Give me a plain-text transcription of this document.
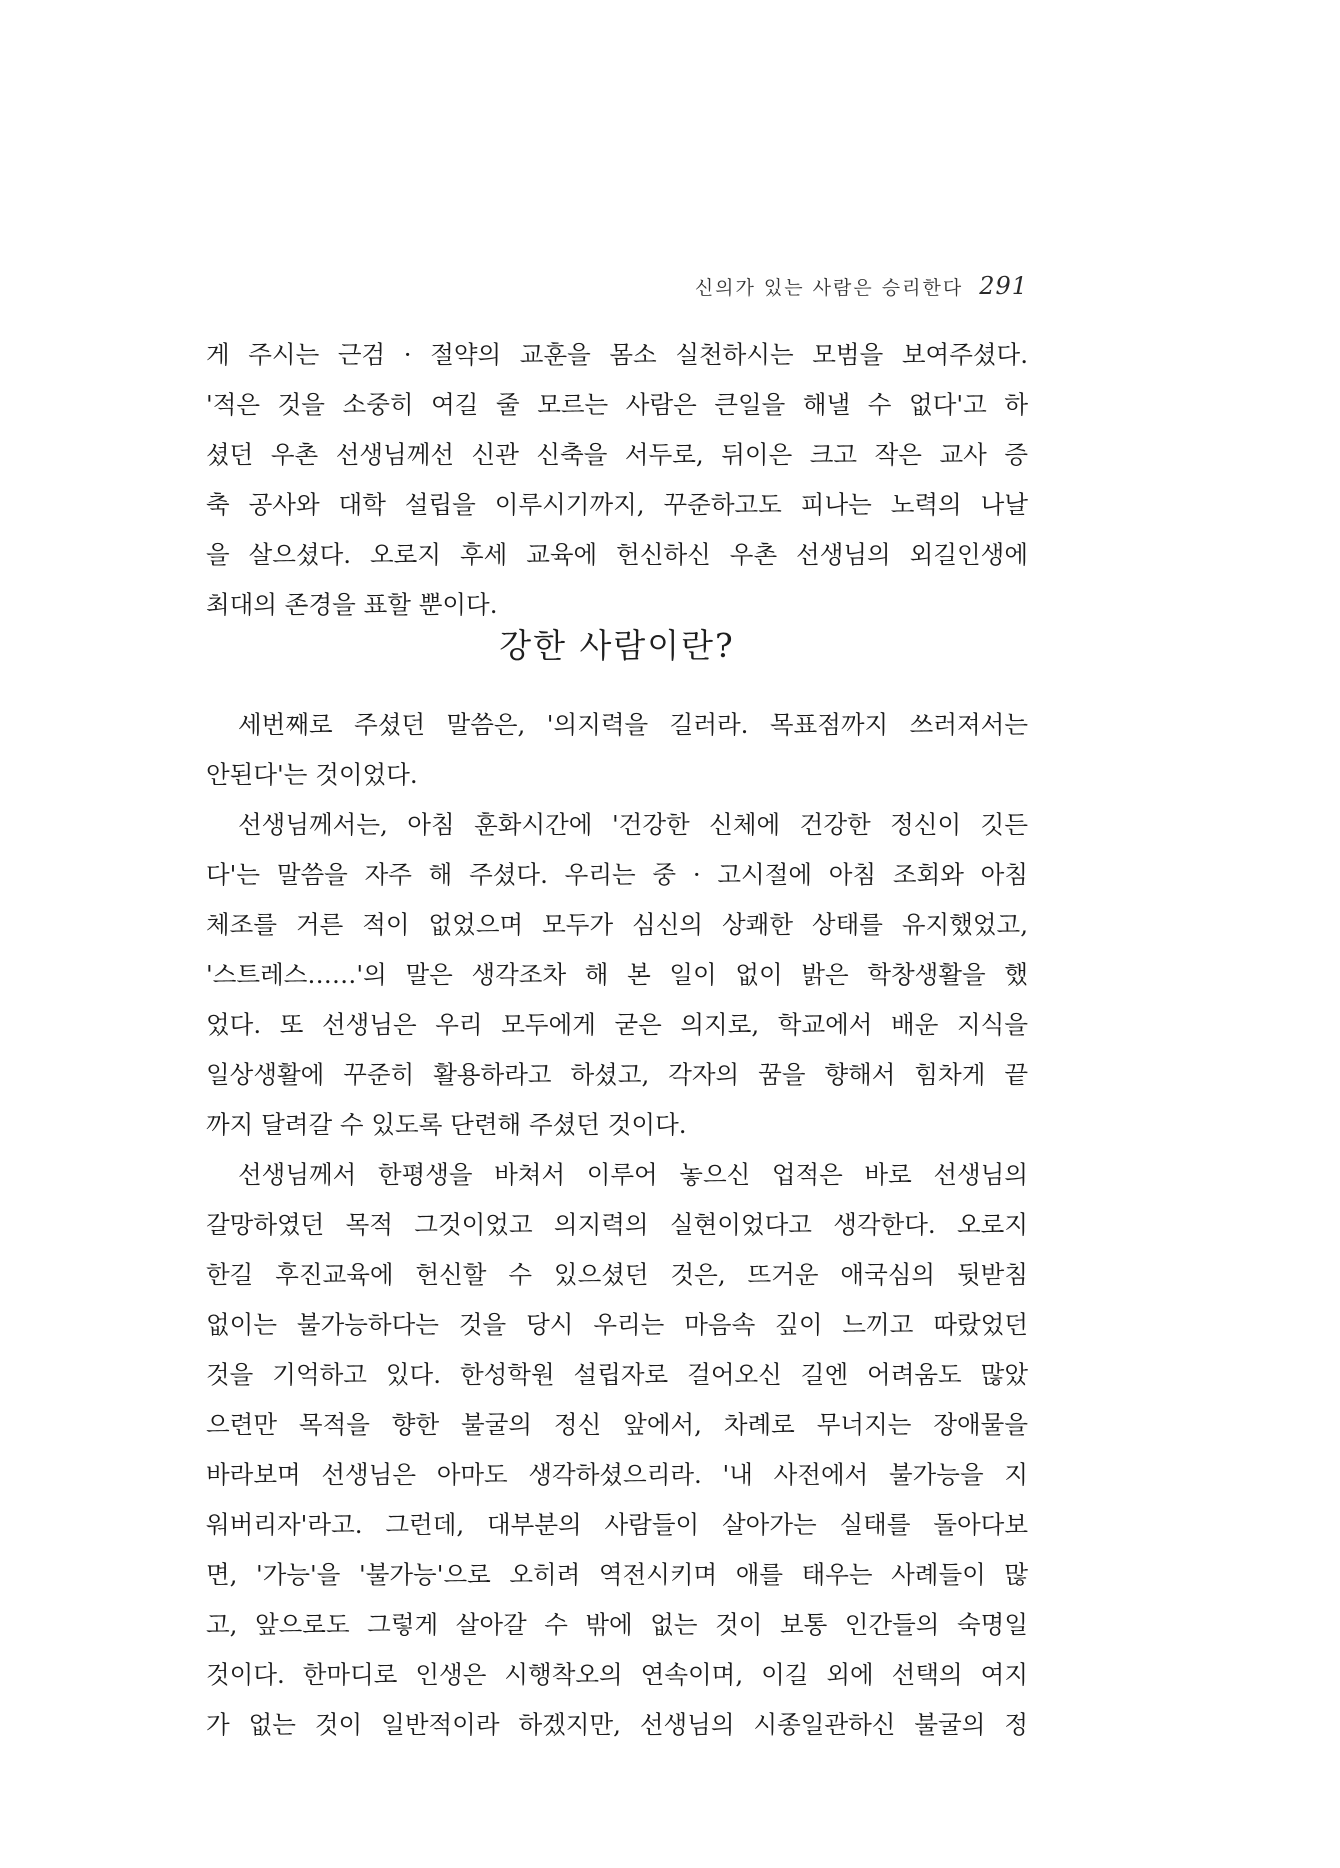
신의가 있는 사람은 승리한다 291
게 주시는 근검 · 절약의 교훈을 몸소 실천하시는 모범을 보여주셨다.
'적은 것을 소중히 여길 줄 모르는 사람은 큰일을 해낼 수 없다'고 하
셨던 우촌 선생님께선 신관 신축을 서두로, 뒤이은 크고 작은 교사 증
축 공사와 대학 설립을 이루시기까지, 꾸준하고도 피나는 노력의 나날
을 살으셨다. 오로지 후세 교육에 헌신하신 우촌 선생님의 외길인생에
최대의 존경을 표할 뿐이다.
강한 사람이란?
세번째로 주셨던 말씀은, '의지력을 길러라. 목표점까지 쓰러져서는
안된다'는 것이었다.
선생님께서는, 아침 훈화시간에 '건강한 신체에 건강한 정신이 깃든
다'는 말씀을 자주 해 주셨다. 우리는 중 · 고시절에 아침 조회와 아침
체조를 거른 적이 없었으며 모두가 심신의 상쾌한 상태를 유지했었고,
'스트레스……'의 말은 생각조차 해 본 일이 없이 밝은 학창생활을 했
었다. 또 선생님은 우리 모두에게 굳은 의지로, 학교에서 배운 지식을
일상생활에 꾸준히 활용하라고 하셨고, 각자의 꿈을 향해서 힘차게 끝
까지 달려갈 수 있도록 단련해 주셨던 것이다.
선생님께서 한평생을 바쳐서 이루어 놓으신 업적은 바로 선생님의
갈망하였던 목적 그것이었고 의지력의 실현이었다고 생각한다. 오로지
한길 후진교육에 헌신할 수 있으셨던 것은, 뜨거운 애국심의 뒷받침
없이는 불가능하다는 것을 당시 우리는 마음속 깊이 느끼고 따랐었던
것을 기억하고 있다. 한성학원 설립자로 걸어오신 길엔 어려움도 많았
으련만 목적을 향한 불굴의 정신 앞에서, 차례로 무너지는 장애물을
바라보며 선생님은 아마도 생각하셨으리라. '내 사전에서 불가능을 지
워버리자'라고. 그런데, 대부분의 사람들이 살아가는 실태를 돌아다보
면, '가능'을 '불가능'으로 오히려 역전시키며 애를 태우는 사례들이 많
고, 앞으로도 그렇게 살아갈 수 밖에 없는 것이 보통 인간들의 숙명일
것이다. 한마디로 인생은 시행착오의 연속이며, 이길 외에 선택의 여지
가 없는 것이 일반적이라 하겠지만, 선생님의 시종일관하신 불굴의 정
